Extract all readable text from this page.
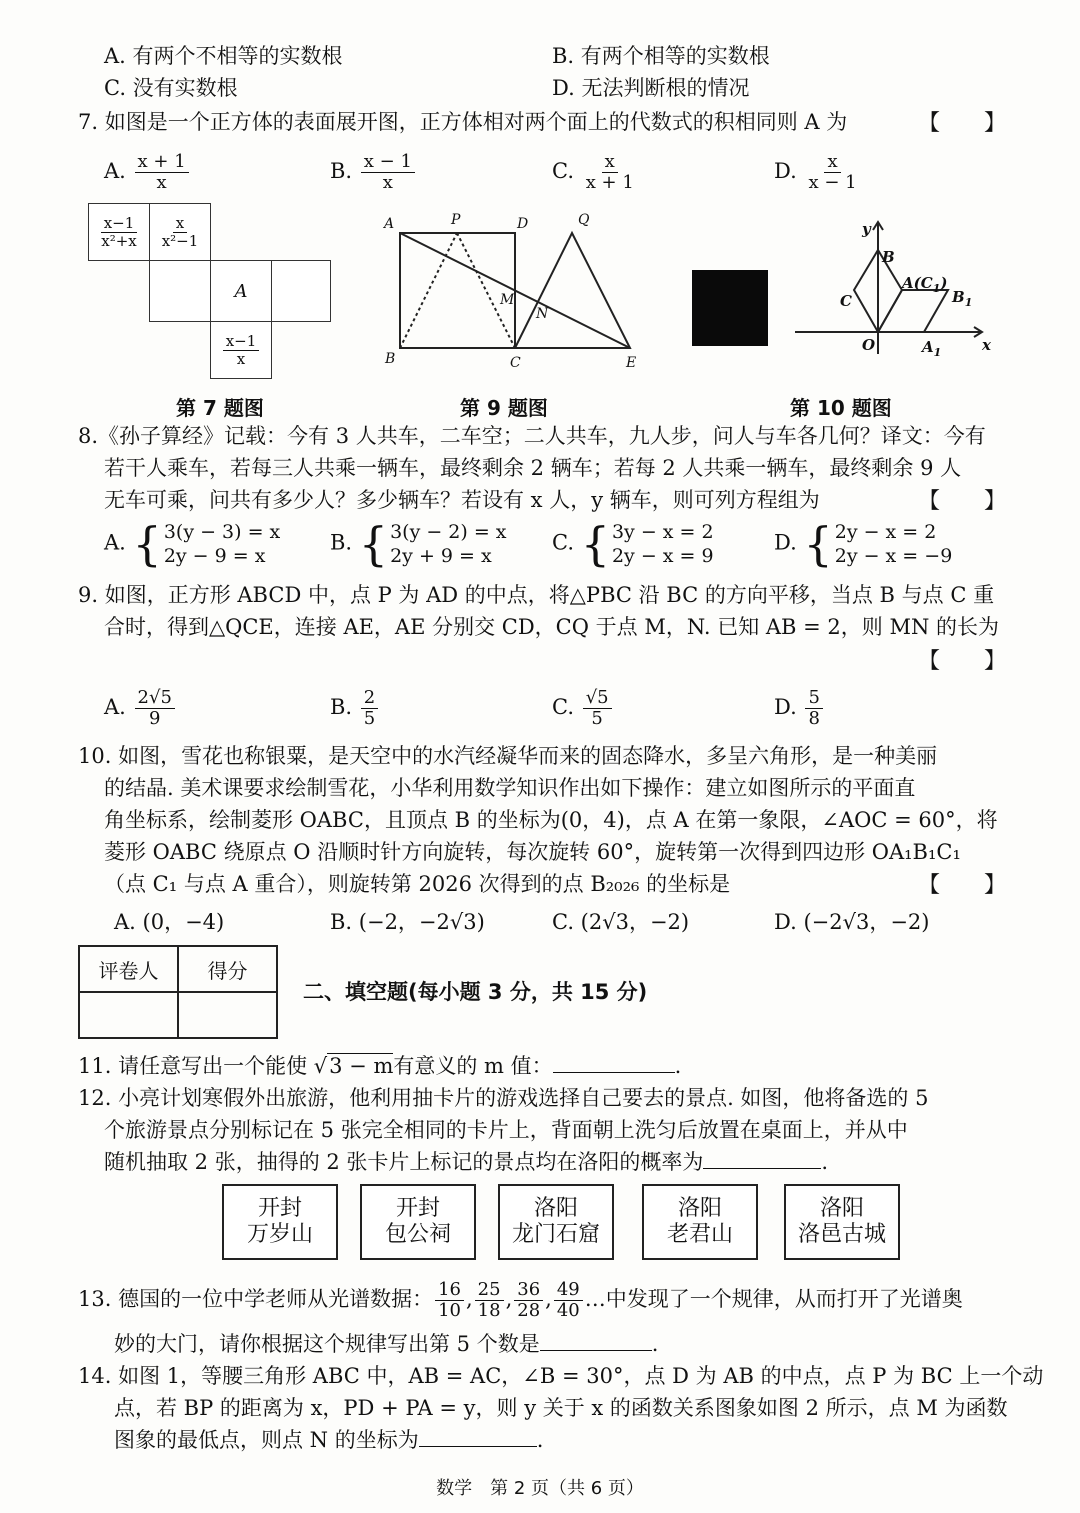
A. 有两个不相等的实数根	B. 有两个相等的实数根
C. 没有实数根	D. 无法判断根的情况
7. 如图是一个正方体的表面展开图，正方体相对两个面上的代数式的积相同则 A 为	【　　】
A. $\frac{x + 1}{x}$	B. $\frac{x - 1}{x}$	C. $\frac{x}{x + 1}$	D. $\frac{x}{x - 1}$
$\frac{x-1}{\text{x²+x}} \frac{x}{\text{x²−1}}$
A
$\frac{x-1}{x}$
A	P	D	Q
M
N
B	C	E
y
B
$A(C_1)$
$B_1$
C
O	$A_1$	x
第 7 题图	第 9 题图	第 10 题图
8.《孙子算经》记载：今有 3 人共车，二车空；二人共车，九人步，问人与车各几何？译文：今有
若干人乘车，若每三人共乘一辆车，最终剩余 2 辆车；若每 2 人共乘一辆车，最终剩余 9 人
无车可乘，问共有多少人？多少辆车？若设有 x 人，y 辆车，则可列方程组为	【　　】
A. { 3(y − 3) = x
2y − 9 = x
B. { 3(y − 2) = x
2y + 9 = x
C. { 3y − x = 2
2y − x = 9
D. { 2y − x = 2
2y − x = −9
9. 如图，正方形 ABCD 中，点 P 为 AD 的中点，将△PBC 沿 BC 的方向平移，当点 B 与点 C 重
合时，得到△QCE，连接 AE，AE 分别交 CD，CQ 于点 M，N. 已知 AB = 2，则 MN 的长为
【　　】
A. $\frac{2√5}{9}$	B. $\frac{2}{5}$	C. $\frac{√5}{5}$	D. $\frac{5}{8}$
10. 如图，雪花也称银粟，是天空中的水汽经凝华而来的固态降水，多呈六角形，是一种美丽
的结晶. 美术课要求绘制雪花，小华利用数学知识作出如下操作：建立如图所示的平面直
角坐标系，绘制菱形 OABC，且顶点 B 的坐标为(0，4)，点 A 在第一象限，∠AOC = 60°，将
菱形 OABC 绕原点 O 沿顺时针方向旋转，每次旋转 60°，旋转第一次得到四边形 OA₁B₁C₁
（点 C₁ 与点 A 重合），则旋转第 2026 次得到的点 B₂₀₂₆ 的坐标是	【　　】
A. (0，−4)	B. (−2，−2√3)	C. (2√3，−2)	D. (−2√3，−2)
评卷人	得分

二、填空题(每小题 3 分，共 15 分)
11. 请任意写出一个能使 √3 − m有意义的 m 值：	.
12. 小亮计划寒假外出旅游，他利用抽卡片的游戏选择自己要去的景点. 如图，他将备选的 5
个旅游景点分别标记在 5 张完全相同的卡片上，背面朝上洗匀后放置在桌面上，并从中
随机抽取 2 张，抽得的 2 张卡片上标记的景点均在洛阳的概率为	.
开封
万岁山
开封
包公祠
洛阳
龙门石窟
洛阳
老君山
洛阳
洛邑古城
13. 德国的一位中学老师从光谱数据： $\frac{16}{10}$ , $\frac{25}{18}$ , $\frac{36}{28}$ , $\frac{49}{40}$ …中发现了一个规律，从而打开了光谱奥
妙的大门，请你根据这个规律写出第 5 个数是	.
14. 如图 1，等腰三角形 ABC 中，AB = AC，∠B = 30°，点 D 为 AB 的中点，点 P 为 BC 上一个动
点，若 BP 的距离为 x，PD + PA = y，则 y 关于 x 的函数关系图象如图 2 所示，点 M 为函数
图象的最低点，则点 N 的坐标为	.
数学　第 2 页（共 6 页）
